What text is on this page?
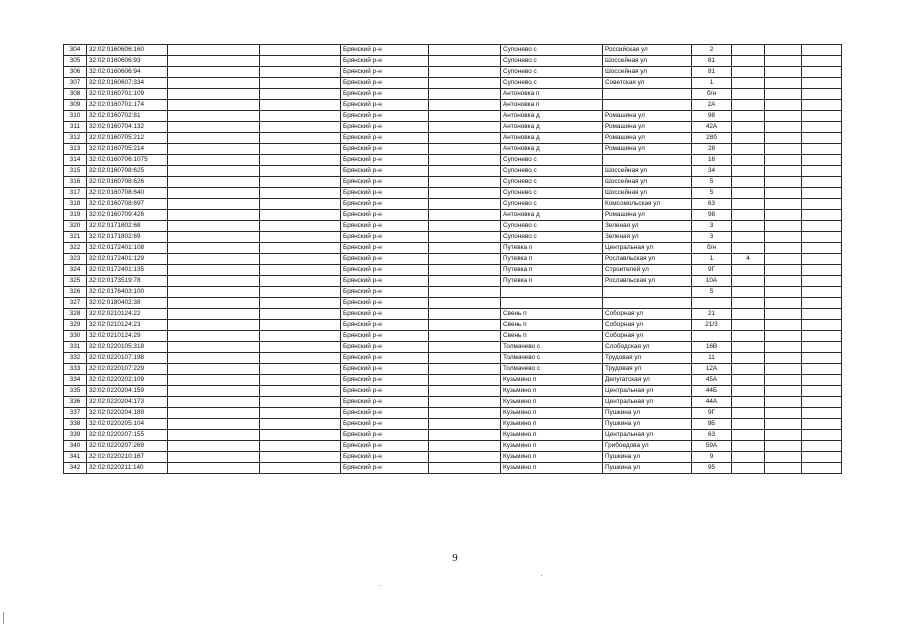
304	32:02:0160606:160			Брянский р-н		Супонево с	Российская ул	2			
305	32:02:0160606:93			Брянский р-н		Супонево с	Шоссейная ул	81			
306	32:02:0160606:94			Брянский р-н		Супонево с	Шоссейная ул	81			
307	32:02:0160607:334			Брянский р-н		Супонево с	Советская ул	1			
308	32:02:0160701:109			Брянский р-н		Антоновка п		б/н			
309	32:02:0160701:174			Брянский р-н		Антоновка п		2А			
310	32:02:0160702:81			Брянский р-н		Антоновка д	Ромашина ул	98			
311	32:02:0160704:132			Брянский р-н		Антоновка д	Ромашина ул	42А			
312	32:02:0160705:212			Брянский р-н		Антоновка д	Ромашина ул	28б			
313	32:02:0160705:214			Брянский р-н		Антоновка д	Ромашина ул	28			
314	32:02:0160706:1075			Брянский р-н		Супонево с		16			
315	32:02:0160708:625			Брянский р-н		Супонево с	Шоссейная ул	34			
316	32:02:0160708:626			Брянский р-н		Супонево с	Шоссейная ул	5			
317	32:02:0160708:640			Брянский р-н		Супонево с	Шоссейная ул	5			
318	32:02:0160708:697			Брянский р-н		Супонево с	Комсомольская ул	63			
319	32:02:0160709:426			Брянский р-н		Антоновка д	Ромашина ул	98			
320	32:02:0171802:68			Брянский р-н		Супонево с	Зеленая ул	3			
321	32:02:0171802:69			Брянский р-н		Супонево с	Зеленая ул	3			
322	32:02:0172401:108			Брянский р-н		Путевка п	Центральная ул	б/н			
323	32:02:0172401:129			Брянский р-н		Путевка п	Рославльская ул	1	4		
324	32:02:0172401:135			Брянский р-н		Путевка п	Строителей ул	9Г			
325	32:02:0173519:78			Брянский р-н		Путевка п	Рославльская ул	10А			
326	32:02:0176403:100			Брянский р-н				5			
327	32:02:0180402:38			Брянский р-н							
328	32:02:0210124:22			Брянский р-н		Свень п	Соборная ул	21			
329	32:02:0210124:23			Брянский р-н		Свень п	Соборная ул	21/3			
330	32:02:0210124:29			Брянский р-н		Свень п	Соборная ул				
331	32:02:0220105:318			Брянский р-н		Толмачево с	Слободская ул	16В			
332	32:02:0220107:198			Брянский р-н		Толмачево с	Трудовая ул	11			
333	32:02:0220107:229			Брянский р-н		Толмачево с	Трудовая ул	12А			
334	32:02:0220202:109			Брянский р-н		Кузьмино п	Делугатская ул	45А			
335	32:02:0220204:159			Брянский р-н		Кузьмино п	Центральная ул	44Б			
336	32:02:0220204:173			Брянский р-н		Кузьмино п	Центральная ул	44А			
337	32:02:0220204:189			Брянский р-н		Кузьмино п	Пушкина ул	9Г			
338	32:02:0220205:104			Брянский р-н		Кузьмино п	Пушкина ул	9Б			
339	32:02:0220207:155			Брянский р-н		Кузьмино п	Центральная ул	63			
340	32:02:0220207:269			Брянский р-н		Кузьмино п	Грибоедова ул	59А			
341	32:02:0220210:167			Брянский р-н		Кузьмино п	Пушкина ул	9			
342	32:02:0220211:140			Брянский р-н		Кузьмино п	Пушкина ул	95			
9
